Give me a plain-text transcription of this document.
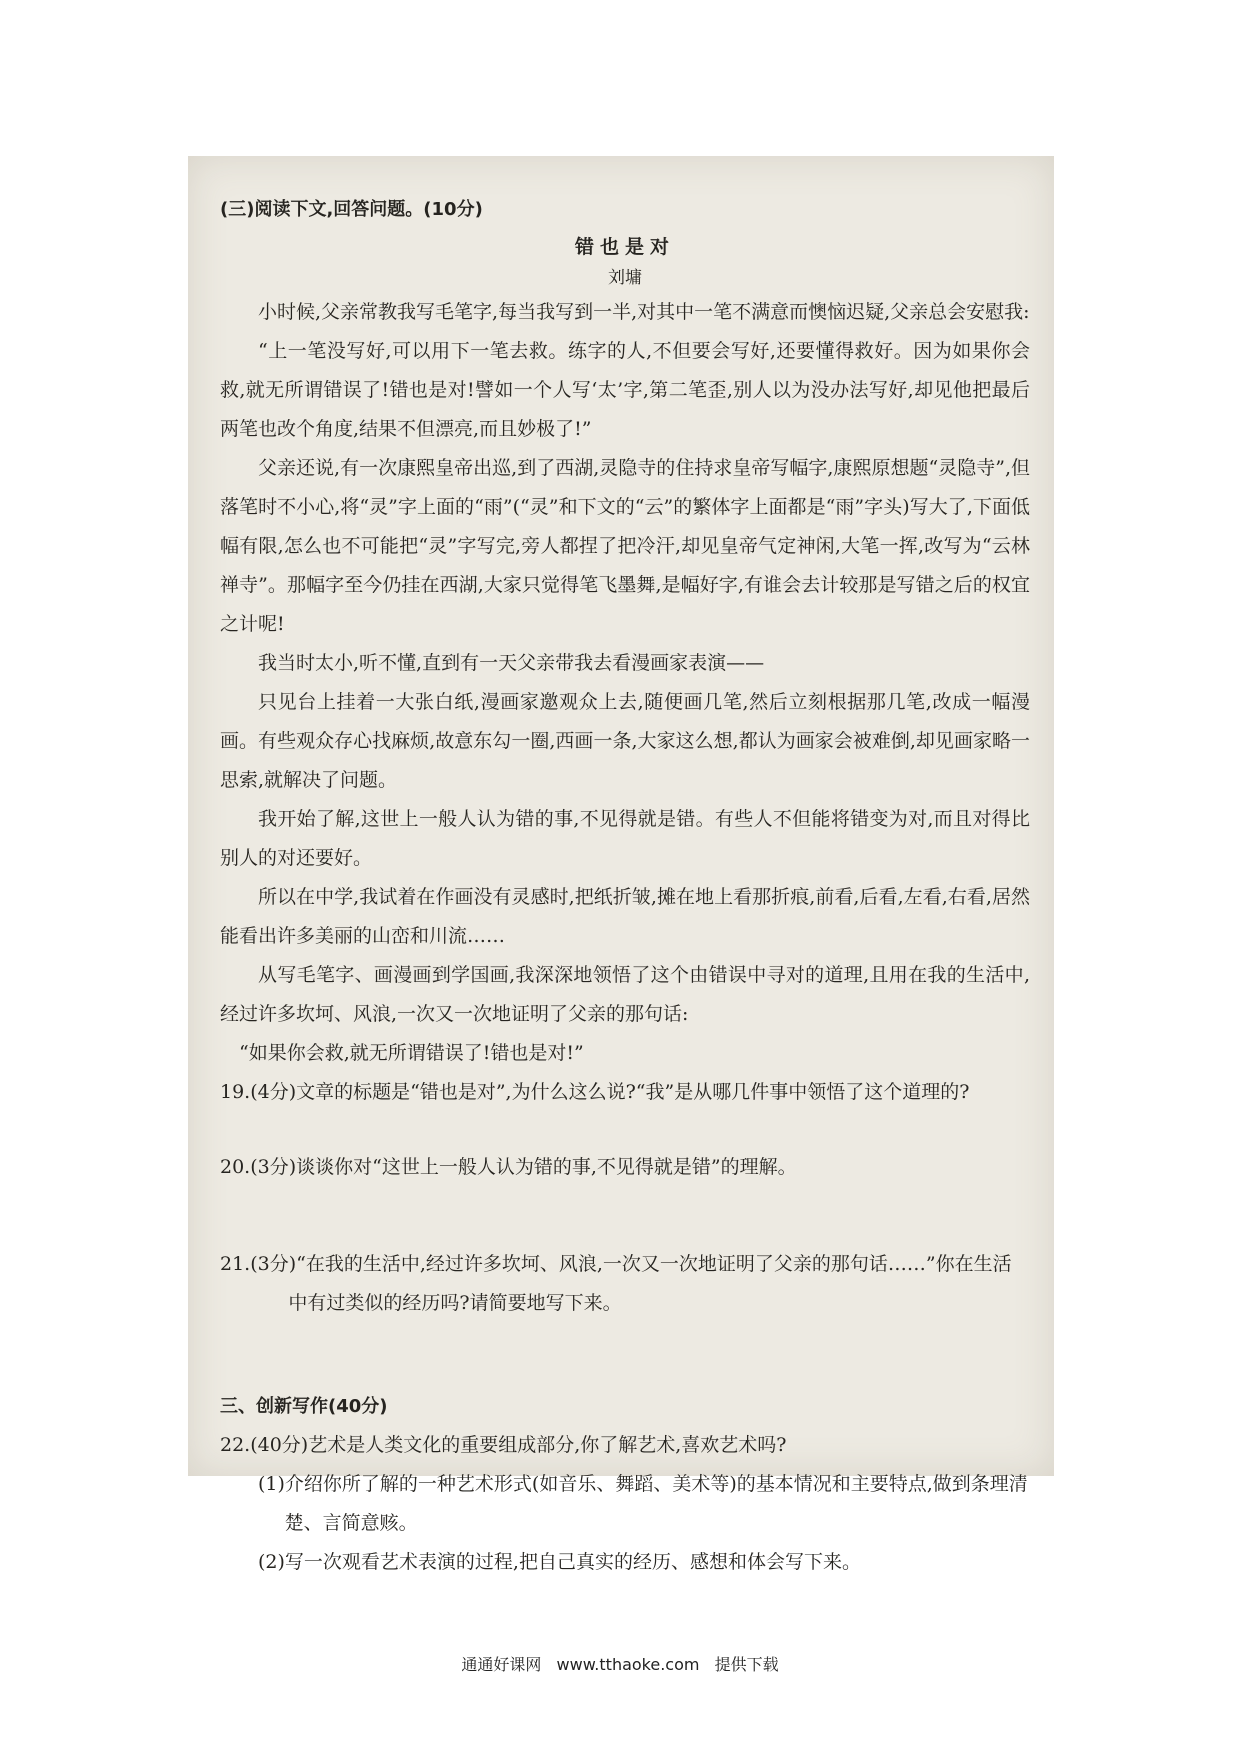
(三)阅读下文,回答问题。(10分)

错也是对

刘墉

小时候,父亲常教我写毛笔字,每当我写到一半,对其中一笔不满意而懊恼迟疑,父亲总会安慰我:

“上一笔没写好,可以用下一笔去救。练字的人,不但要会写好,还要懂得救好。因为如果你会救,就无所谓错误了!错也是对!譬如一个人写‘太’字,第二笔歪,别人以为没办法写好,却见他把最后两笔也改个角度,结果不但漂亮,而且妙极了!”

父亲还说,有一次康熙皇帝出巡,到了西湖,灵隐寺的住持求皇帝写幅字,康熙原想题“灵隐寺”,但落笔时不小心,将“灵”字上面的“雨”(“灵”和下文的“云”的繁体字上面都是“雨”字头)写大了,下面低幅有限,怎么也不可能把“灵”字写完,旁人都捏了把冷汗,却见皇帝气定神闲,大笔一挥,改写为“云林禅寺”。那幅字至今仍挂在西湖,大家只觉得笔飞墨舞,是幅好字,有谁会去计较那是写错之后的权宜之计呢!

我当时太小,听不懂,直到有一天父亲带我去看漫画家表演——

只见台上挂着一大张白纸,漫画家邀观众上去,随便画几笔,然后立刻根据那几笔,改成一幅漫画。有些观众存心找麻烦,故意东勾一圈,西画一条,大家这么想,都认为画家会被难倒,却见画家略一思索,就解决了问题。

我开始了解,这世上一般人认为错的事,不见得就是错。有些人不但能将错变为对,而且对得比别人的对还要好。

所以在中学,我试着在作画没有灵感时,把纸折皱,摊在地上看那折痕,前看,后看,左看,右看,居然能看出许多美丽的山峦和川流……

从写毛笔字、画漫画到学国画,我深深地领悟了这个由错误中寻对的道理,且用在我的生活中,经过许多坎坷、风浪,一次又一次地证明了父亲的那句话:

“如果你会救,就无所谓错误了!错也是对!”

19.(4分)文章的标题是“错也是对”,为什么这么说?“我”是从哪几件事中领悟了这个道理的?

20.(3分)谈谈你对“这世上一般人认为错的事,不见得就是错”的理解。

21.(3分)“在我的生活中,经过许多坎坷、风浪,一次又一次地证明了父亲的那句话……”你在生活中有过类似的经历吗?请简要地写下来。

三、创新写作(40分)

22.(40分)艺术是人类文化的重要组成部分,你了解艺术,喜欢艺术吗?

(1)介绍你所了解的一种艺术形式(如音乐、舞蹈、美术等)的基本情况和主要特点,做到条理清楚、言简意赅。

(2)写一次观看艺术表演的过程,把自己真实的经历、感想和体会写下来。

通通好课网 www.tthaoke.com 提供下载
